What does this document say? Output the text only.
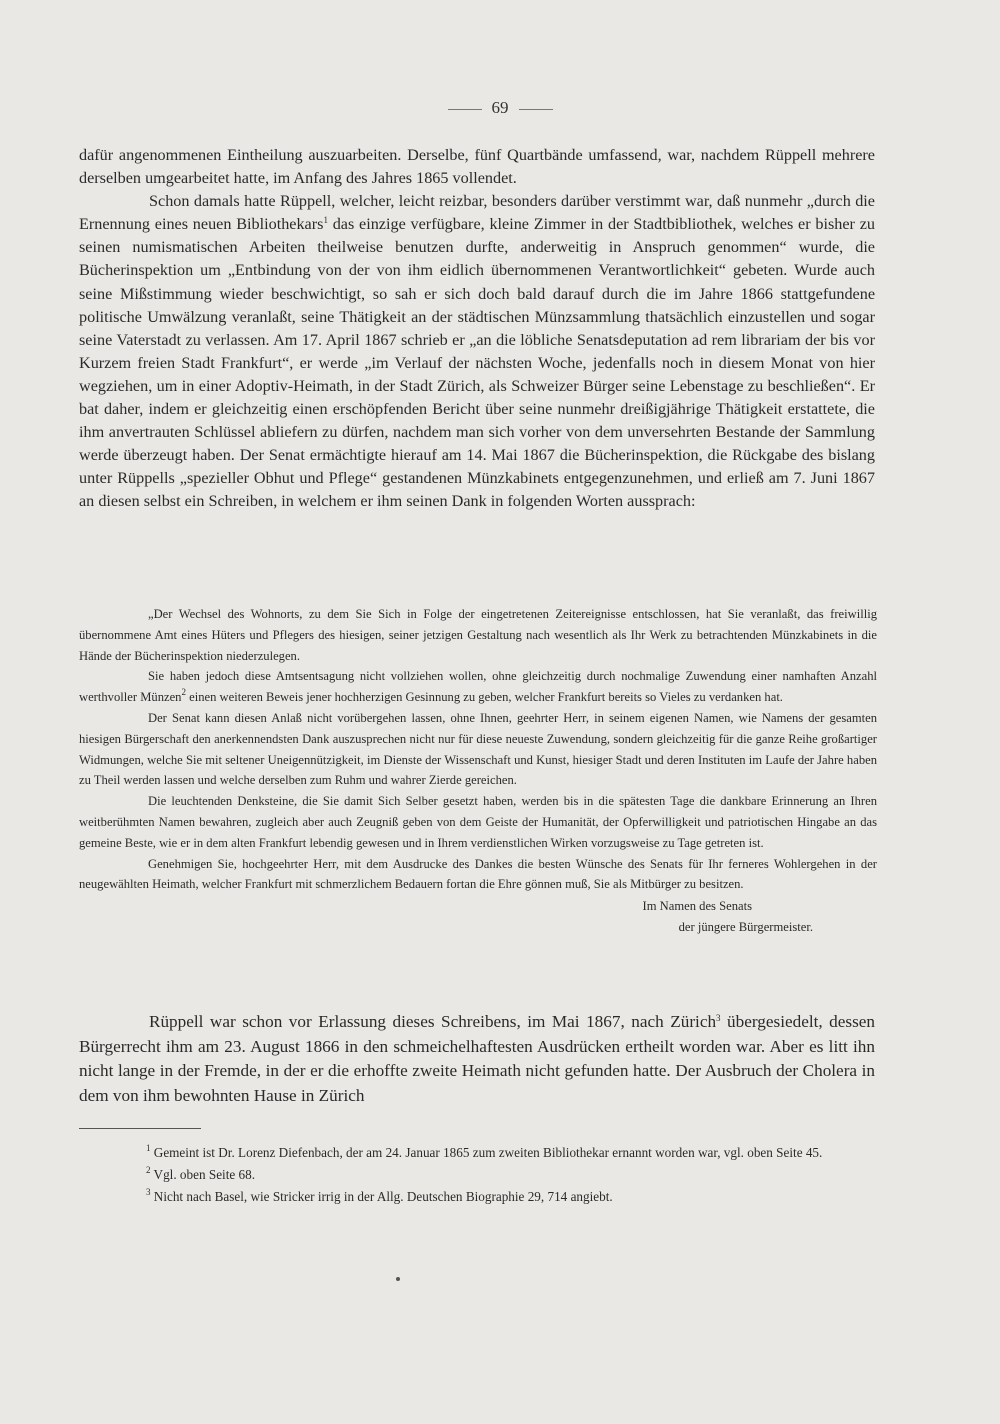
69

dafür angenommenen Eintheilung auszuarbeiten. Derselbe, fünf Quartbände umfassend, war, nachdem Rüppell mehrere derselben umgearbeitet hatte, im Anfang des Jahres 1865 vollendet.

Schon damals hatte Rüppell, welcher, leicht reizbar, besonders darüber verstimmt war, daß nunmehr „durch die Ernennung eines neuen Bibliothekars$^1$ das einzige verfügbare, kleine Zimmer in der Stadtbibliothek, welches er bisher zu seinen numismatischen Arbeiten theilweise benutzen durfte, anderweitig in Anspruch genommen“ wurde, die Bücherinspektion um „Entbindung von der von ihm eidlich übernommenen Verantwortlichkeit“ gebeten. Wurde auch seine Mißstimmung wieder beschwichtigt, so sah er sich doch bald darauf durch die im Jahre 1866 stattgefundene politische Umwälzung veranlaßt, seine Thätigkeit an der städtischen Münzsammlung thatsächlich einzustellen und sogar seine Vaterstadt zu verlassen. Am 17. April 1867 schrieb er „an die löbliche Senatsdeputation ad rem librariam der bis vor Kurzem freien Stadt Frankfurt“, er werde „im Verlauf der nächsten Woche, jedenfalls noch in diesem Monat von hier wegziehen, um in einer Adoptiv-Heimath, in der Stadt Zürich, als Schweizer Bürger seine Lebenstage zu beschließen“. Er bat daher, indem er gleichzeitig einen erschöpfenden Bericht über seine nunmehr dreißigjährige Thätigkeit erstattete, die ihm anvertrauten Schlüssel abliefern zu dürfen, nachdem man sich vorher von dem unversehrten Bestande der Sammlung werde überzeugt haben. Der Senat ermächtigte hierauf am 14. Mai 1867 die Bücherinspektion, die Rückgabe des bislang unter Rüppells „spezieller Obhut und Pflege“ gestandenen Münzkabinets entgegenzunehmen, und erließ am 7. Juni 1867 an diesen selbst ein Schreiben, in welchem er ihm seinen Dank in folgenden Worten aussprach:

„Der Wechsel des Wohnorts, zu dem Sie Sich in Folge der eingetretenen Zeitereignisse entschlossen, hat Sie veranlaßt, das freiwillig übernommene Amt eines Hüters und Pflegers des hiesigen, seiner jetzigen Gestaltung nach wesentlich als Ihr Werk zu betrachtenden Münzkabinets in die Hände der Bücherinspektion niederzulegen.

Sie haben jedoch diese Amtsentsagung nicht vollziehen wollen, ohne gleichzeitig durch nochmalige Zuwendung einer namhaften Anzahl werthvoller Münzen$^2$ einen weiteren Beweis jener hochherzigen Gesinnung zu geben, welcher Frankfurt bereits so Vieles zu verdanken hat.

Der Senat kann diesen Anlaß nicht vorübergehen lassen, ohne Ihnen, geehrter Herr, in seinem eigenen Namen, wie Namens der gesamten hiesigen Bürgerschaft den anerkennendsten Dank auszusprechen nicht nur für diese neueste Zuwendung, sondern gleichzeitig für die ganze Reihe großartiger Widmungen, welche Sie mit seltener Uneigennützigkeit, im Dienste der Wissenschaft und Kunst, hiesiger Stadt und deren Instituten im Laufe der Jahre haben zu Theil werden lassen und welche derselben zum Ruhm und wahrer Zierde gereichen.

Die leuchtenden Denksteine, die Sie damit Sich Selber gesetzt haben, werden bis in die spätesten Tage die dankbare Erinnerung an Ihren weitberühmten Namen bewahren, zugleich aber auch Zeugniß geben von dem Geiste der Humanität, der Opferwilligkeit und patriotischen Hingabe an das gemeine Beste, wie er in dem alten Frankfurt lebendig gewesen und in Ihrem verdienstlichen Wirken vorzugsweise zu Tage getreten ist.

Genehmigen Sie, hochgeehrter Herr, mit dem Ausdrucke des Dankes die besten Wünsche des Senats für Ihr ferneres Wohlergehen in der neugewählten Heimath, welcher Frankfurt mit schmerzlichem Bedauern fortan die Ehre gönnen muß, Sie als Mitbürger zu besitzen.

Im Namen des Senats

der jüngere Bürgermeister.

Rüppell war schon vor Erlassung dieses Schreibens, im Mai 1867, nach Zürich$^3$ übergesiedelt, dessen Bürgerrecht ihm am 23. August 1866 in den schmeichelhaftesten Ausdrücken ertheilt worden war. Aber es litt ihn nicht lange in der Fremde, in der er die erhoffte zweite Heimath nicht gefunden hatte. Der Ausbruch der Cholera in dem von ihm bewohnten Hause in Zürich

$^1$ Gemeint ist Dr. Lorenz Diefenbach, der am 24. Januar 1865 zum zweiten Bibliothekar ernannt worden war, vgl. oben Seite 45.

$^2$ Vgl. oben Seite 68.

$^3$ Nicht nach Basel, wie Stricker irrig in der Allg. Deutschen Biographie 29, 714 angiebt.
